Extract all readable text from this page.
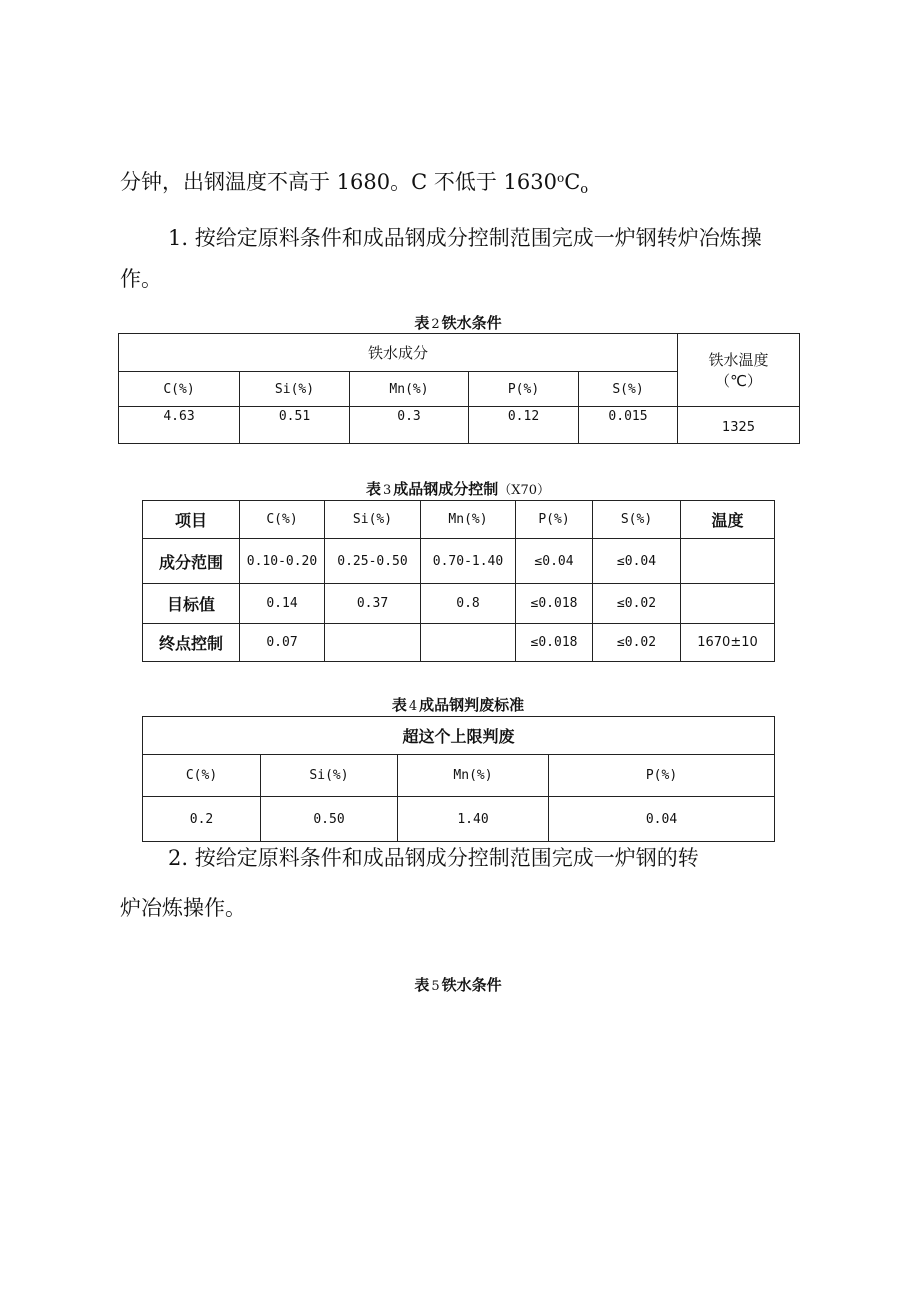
分钟，出钢温度不高于 1680。C 不低于 $1630^oC_o$
1. 按给定原料条件和成品钢成分控制范围完成一炉钢转炉冶炼操
作。
表 2 铁水条件
铁水成分					铁水温度（℃）
C(%)	Si(%)	Mn(%)	P(%)	S(%)	
4.63	0.51	0.3	0.12	0.015	1325
表 3 成品钢成分控制（X70）
项目	C(%)	Si(%)	Mn(%)	P(%)	S(%)	温度
成分范围	0.10-0.20	0.25-0.50	0.70-1.40	≤0.04	≤0.04	
目标值	0.14	0.37	0.8	≤0.018	≤0.02	
终点控制	0.07			≤0.018	≤0.02	1670±10
表 4 成品钢判废标准
超这个上限判废			
C(%)	Si(%)	Mn(%)	P(%)
0.2	0.50	1.40	0.04
2. 按给定原料条件和成品钢成分控制范围完成一炉钢的转
炉冶炼操作。
表 5 铁水条件
